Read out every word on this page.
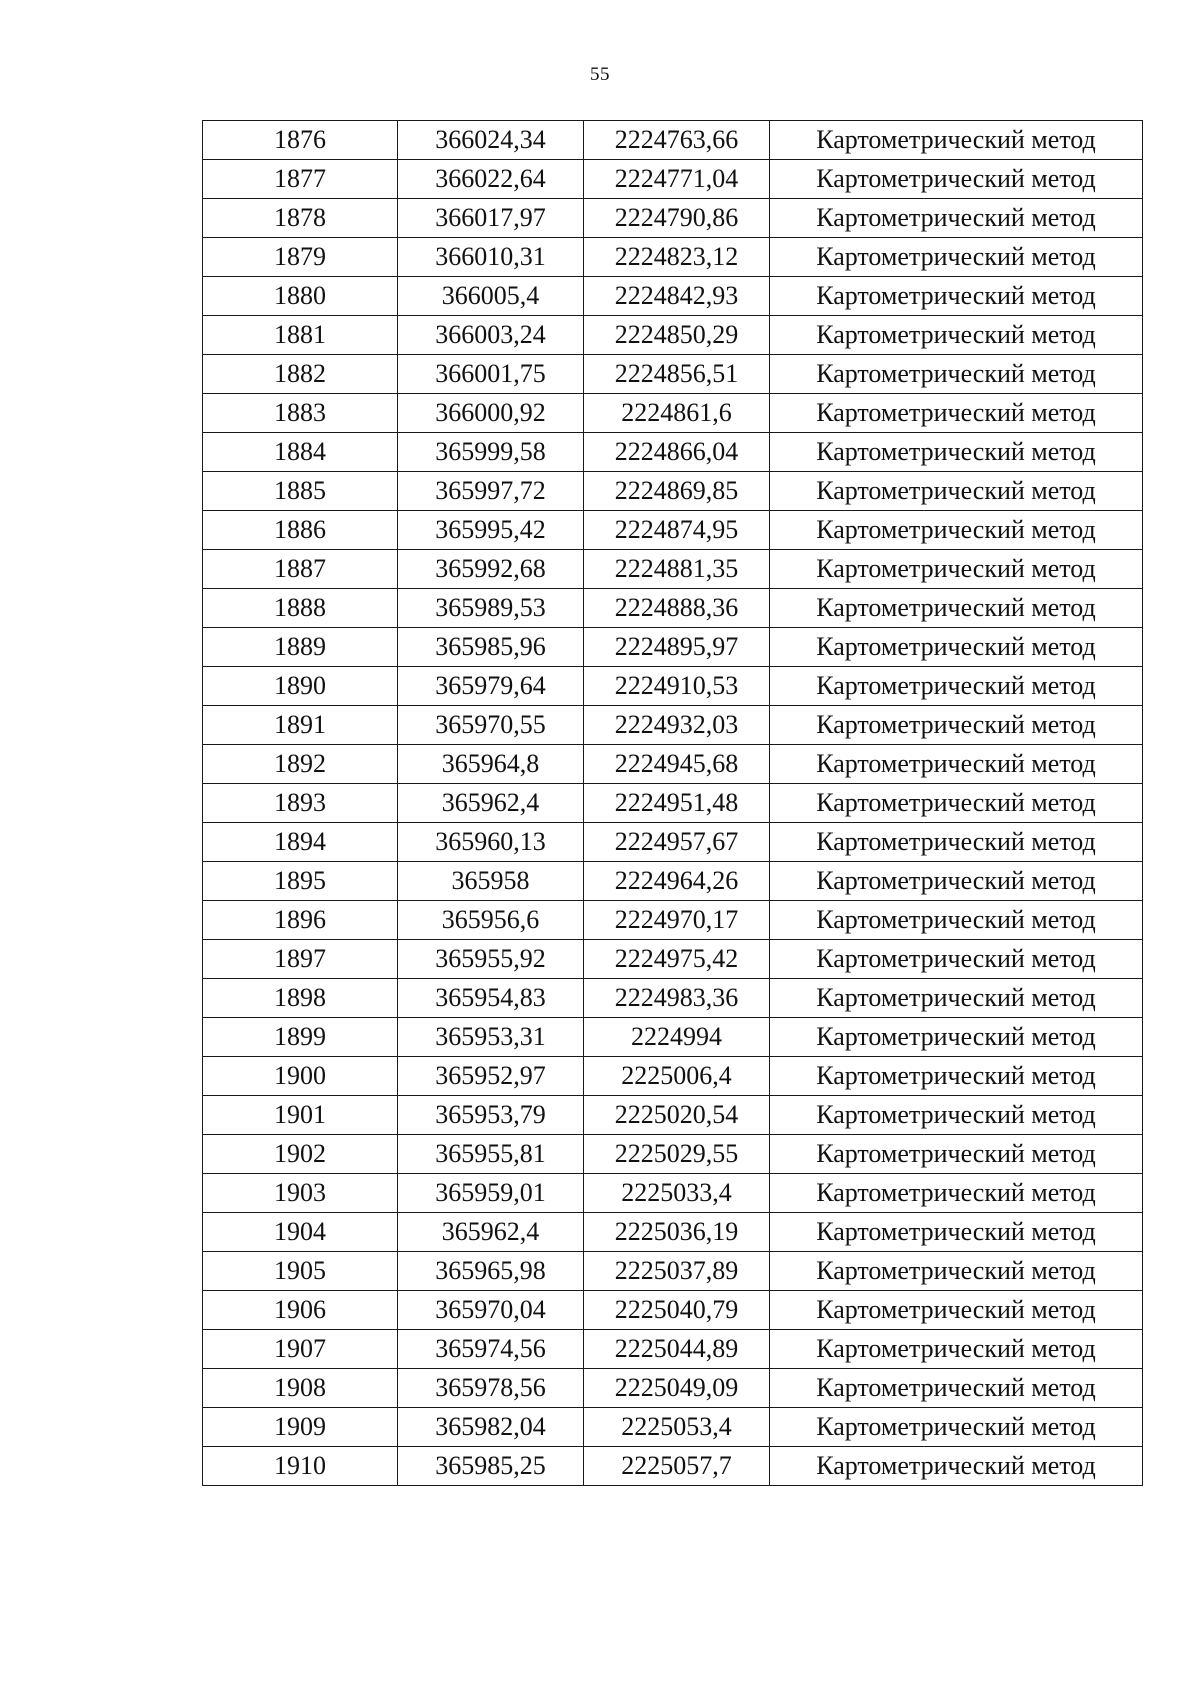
55
1876	366024,34	2224763,66	Картометрический метод
1877	366022,64	2224771,04	Картометрический метод
1878	366017,97	2224790,86	Картометрический метод
1879	366010,31	2224823,12	Картометрический метод
1880	366005,4	2224842,93	Картометрический метод
1881	366003,24	2224850,29	Картометрический метод
1882	366001,75	2224856,51	Картометрический метод
1883	366000,92	2224861,6	Картометрический метод
1884	365999,58	2224866,04	Картометрический метод
1885	365997,72	2224869,85	Картометрический метод
1886	365995,42	2224874,95	Картометрический метод
1887	365992,68	2224881,35	Картометрический метод
1888	365989,53	2224888,36	Картометрический метод
1889	365985,96	2224895,97	Картометрический метод
1890	365979,64	2224910,53	Картометрический метод
1891	365970,55	2224932,03	Картометрический метод
1892	365964,8	2224945,68	Картометрический метод
1893	365962,4	2224951,48	Картометрический метод
1894	365960,13	2224957,67	Картометрический метод
1895	365958	2224964,26	Картометрический метод
1896	365956,6	2224970,17	Картометрический метод
1897	365955,92	2224975,42	Картометрический метод
1898	365954,83	2224983,36	Картометрический метод
1899	365953,31	2224994	Картометрический метод
1900	365952,97	2225006,4	Картометрический метод
1901	365953,79	2225020,54	Картометрический метод
1902	365955,81	2225029,55	Картометрический метод
1903	365959,01	2225033,4	Картометрический метод
1904	365962,4	2225036,19	Картометрический метод
1905	365965,98	2225037,89	Картометрический метод
1906	365970,04	2225040,79	Картометрический метод
1907	365974,56	2225044,89	Картометрический метод
1908	365978,56	2225049,09	Картометрический метод
1909	365982,04	2225053,4	Картометрический метод
1910	365985,25	2225057,7	Картометрический метод
